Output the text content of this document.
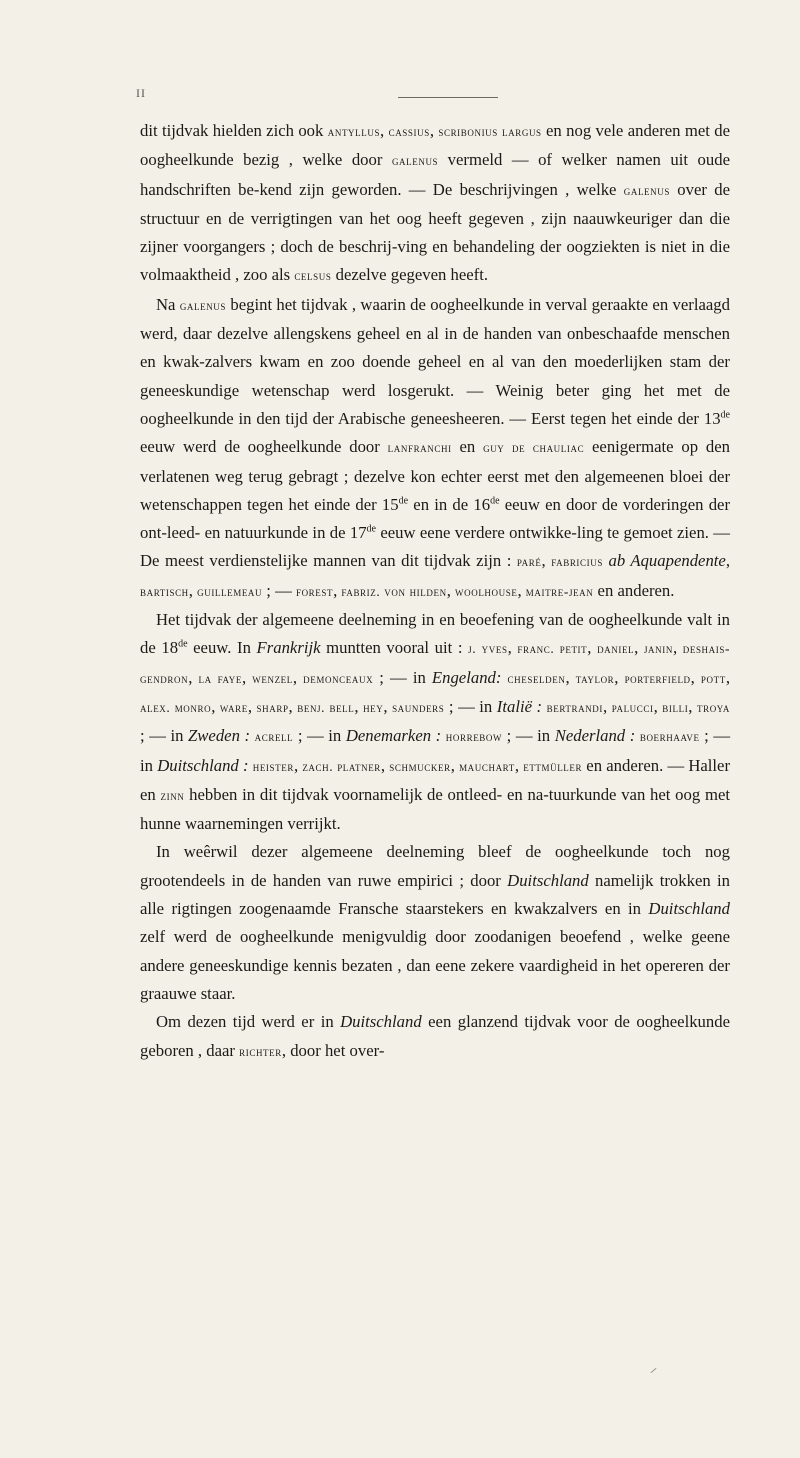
II

dit tijdvak hielden zich ook antyllus, cassius, scribonius largus en nog vele anderen met de oogheelkunde bezig , welke door galenus vermeld — of welker namen uit oude handschriften be-kend zijn geworden. — De beschrijvingen , welke galenus over de structuur en de verrigtingen van het oog heeft gegeven , zijn naauwkeuriger dan die zijner voorgangers ; doch de beschrij-ving en behandeling der oogziekten is niet in die volmaaktheid , zoo als celsus dezelve gegeven heeft.

Na galenus begint het tijdvak , waarin de oogheelkunde in verval geraakte en verlaagd werd, daar dezelve allengskens geheel en al in de handen van onbeschaafde menschen en kwak-zalvers kwam en zoo doende geheel en al van den moederlijken stam der geneeskundige wetenschap werd losgerukt. — Weinig beter ging het met de oogheelkunde in den tijd der Arabische geneesheeren. — Eerst tegen het einde der 13de eeuw werd de oogheelkunde door lanfranchi en guy de chauliac eenigermate op den verlatenen weg terug gebragt ; dezelve kon echter eerst met den algemeenen bloei der wetenschappen tegen het einde der 15de en in de 16de eeuw en door de vorderingen der ont-leed- en natuurkunde in de 17de eeuw eene verdere ontwikke-ling te gemoet zien. — De meest verdienstelijke mannen van dit tijdvak zijn : paré, fabricius ab Aquapendente, bartisch, guillemeau ; — forest, fabriz. von hilden, woolhouse, maitre-jean en anderen.

Het tijdvak der algemeene deelneming in en beoefening van de oogheelkunde valt in de 18de eeuw. In Frankrijk muntten vooral uit : j. yves, franc. petit, daniel, janin, deshais-gendron, la faye, wenzel, demonceaux ; — in Engeland: cheselden, taylor, porterfield, pott, alex. monro, ware, sharp, benj. bell, hey, saunders ; — in Italië : bertrandi, palucci, billi, troya ; — in Zweden : acrell ; — in Denemarken : horrebow ; — in Nederland : boerhaave ; — in Duitschland : heister, zach. platner, schmucker, mauchart, ettmüller en anderen. — Haller en zinn hebben in dit tijdvak voornamelijk de ontleed- en na-tuurkunde van het oog met hunne waarnemingen verrijkt.

In weêrwil dezer algemeene deelneming bleef de oogheelkunde toch nog grootendeels in de handen van ruwe empirici ; door Duitschland namelijk trokken in alle rigtingen zoogenaamde Fransche staarstekers en kwakzalvers en in Duitschland zelf werd de oogheelkunde menigvuldig door zoodanigen beoefend , welke geene andere geneeskundige kennis bezaten , dan eene zekere vaardigheid in het opereren der graauwe staar.

Om dezen tijd werd er in Duitschland een glanzend tijdvak voor de oogheelkunde geboren , daar richter, door het over-
